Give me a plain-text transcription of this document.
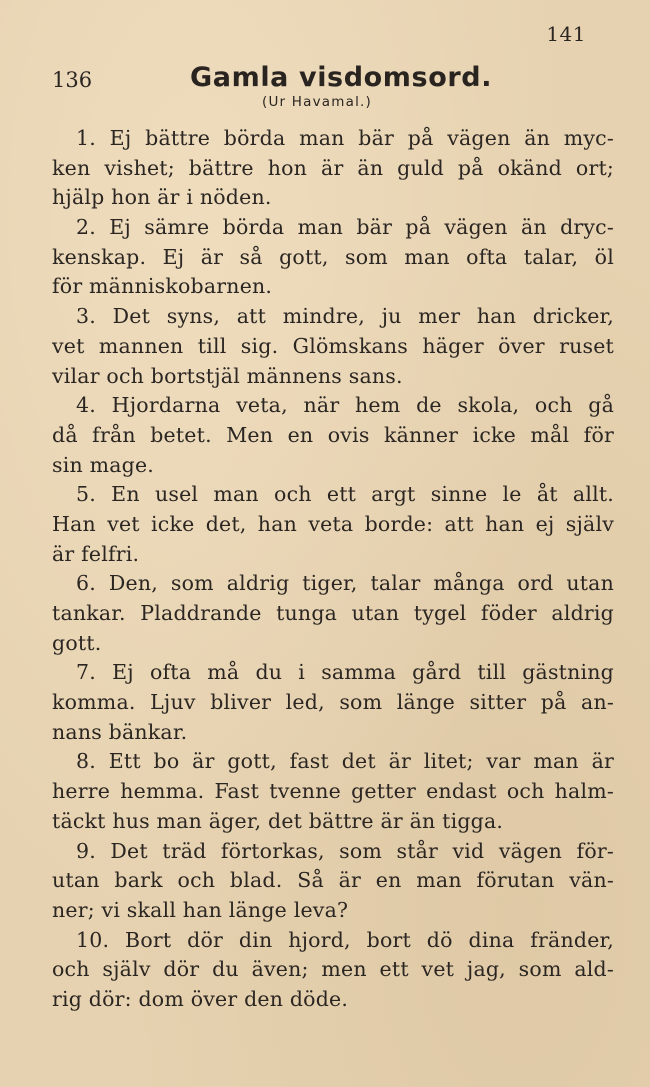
141
136	Gamla visdomsord.
(Ur Havamal.)
1. Ej bättre börda man bär på vägen än myc-
ken vishet; bättre hon är än guld på okänd ort;
hjälp hon är i nöden.
2. Ej sämre börda man bär på vägen än dryc-
kenskap. Ej är så gott, som man ofta talar, öl
för människobarnen.
3. Det syns, att mindre, ju mer han dricker,
vet mannen till sig. Glömskans häger över ruset
vilar och bortstjäl männens sans.
4. Hjordarna veta, när hem de skola, och gå
då från betet. Men en ovis känner icke mål för
sin mage.
5. En usel man och ett argt sinne le åt allt.
Han vet icke det, han veta borde: att han ej själv
är felfri.
6. Den, som aldrig tiger, talar många ord utan
tankar. Pladdrande tunga utan tygel föder aldrig
gott.
7. Ej ofta må du i samma gård till gästning
komma. Ljuv bliver led, som länge sitter på an-
nans bänkar.
8. Ett bo är gott, fast det är litet; var man är
herre hemma. Fast tvenne getter endast och halm-
täckt hus man äger, det bättre är än tigga.
9. Det träd förtorkas, som står vid vägen för-
utan bark och blad. Så är en man förutan vän-
ner; vi skall han länge leva?
10. Bort dör din hjord, bort dö dina fränder,
och själv dör du även; men ett vet jag, som ald-
rig dör: dom över den döde.
